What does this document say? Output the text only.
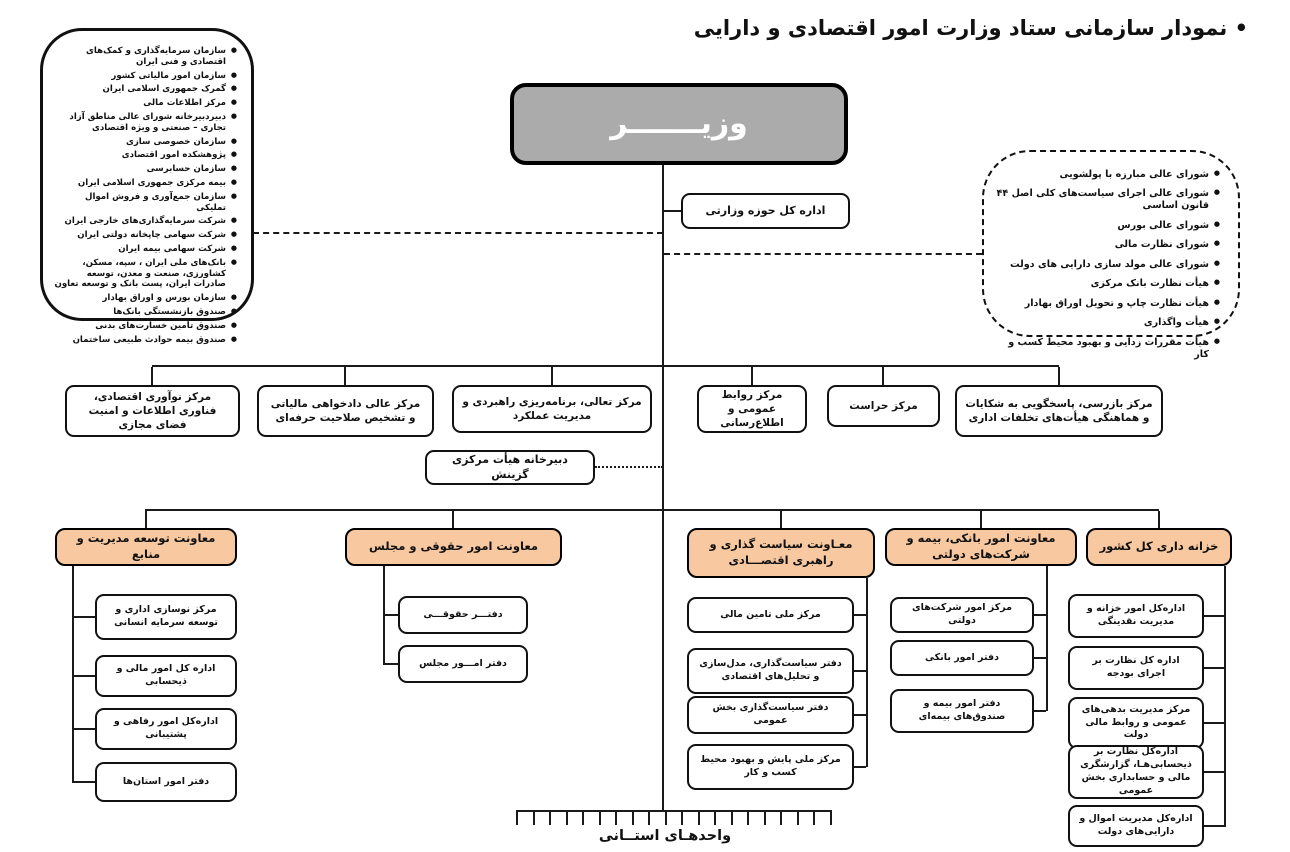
• نمودار سازمانی ستاد وزارت امور اقتصادی و دارایی
● سازمان سرمایه‌گذاری و کمک‌های اقتصادی و فنی ایران
● سازمان امور مالیاتی کشور
● گمرک جمهوری اسلامی ایران
● مرکز اطلاعات مالی
● دبیردبیرخانه شورای عالی مناطق آزاد تجاری – صنعتی و ویژه اقتصادی
● سازمان خصوصی سازی
● پژوهشکده امور اقتصادی
● سازمان حسابرسی
● بیمه مرکزی جمهوری اسلامی ایران
● سازمان جمع‌آوری و فروش اموال تملیکی
● شرکت سرمایه‌گذاری‌های خارجی ایران
● شرکت سهامی چاپخانه دولتی ایران
● شرکت سهامی بیمه ایران
● بانک‌های ملی ایران ، سپه، مسکن، کشاورزی، صنعت و معدن، توسعه صادرات ایران، پست بانک و توسعه تعاون
● سازمان بورس و اوراق بهادار
● صندوق بازنشستگی بانک‌ها
● صندوق تأمین خسارت‌های بدنی
● صندوق بیمه حوادث طبیعی ساختمان
● شورای عالی مبارزه با پولشویی
● شورای عالی اجرای سیاست‌های کلی اصل ۴۴ قانون اساسی
● شورای عالی بورس
● شورای نظارت مالی
● شورای عالی مولد سازی دارایی های دولت
● هیأت نظارت بانک مرکزی
● هیأت نظارت چاپ و تحویل اوراق بهادار
● هیأت واگذاری
● هیأت مقررات زدایی و بهبود محیط کسب و کار
وزیـــــــر
اداره کل حوزه وزارتی
مرکز نوآوری اقتصادی، فناوری اطلاعات و امنیت فضای مجازی
مرکز عالی دادخواهی مالیاتی و تشخیص صلاحیت حرفه‌ای
مرکز تعالی، برنامه‌ریزی راهبردی و مدیریت عملکرد
مرکز روابط عمومی و اطلاع‌رسانی
مرکز حراست	مرکز بازرسی، پاسخگویی به شکایات و هماهنگی هیأت‌های تخلفات اداری
دبیرخانه هیأت مرکزی گزینش
معاونت توسعه مدیریت و منابع
معاونت امور حقوقی و مجلس	معـاونت سیاست گذاری و راهبری اقتصـــادی
معاونت امور بانکی، بیمه و شرکت‌های دولتی
خزانه داری کل کشور
مرکز نوسازی اداری و توسعه سرمایه انسانی
اداره کل امور مالی و ذیحسابی
اداره‌کل امور رفاهی و پشتیبانی
دفتر امور استان‌ها
دفتـــر حقوقـــی
دفتر امـــور مجلس
مرکز ملی تامین مالی
دفتر سیاست‌گذاری، مدل‌سازی و تحلیل‌های اقتصادی
دفتر سیاست‌گذاری بخش عمومی
مرکز ملی پایش و بهبود محیط کسب و کار
مرکز امور شرکت‌های دولتی
دفتر امور بانکی
دفتر امور بیمه و صندوق‌های بیمه‌ای
اداره‌کل امور خزانه و مدیریت نقدینگی
اداره کل نظارت بر اجرای بودجه
مرکز مدیریت بدهی‌های عمومی و روابط مالی دولت
اداره‌کل نظارت بر ذیحسابی‌هـا، گزارشگری مالی و حسابداری بخش عمومی
اداره‌کل مدیریت اموال و دارایی‌های دولت
واحدهـای استــانی
